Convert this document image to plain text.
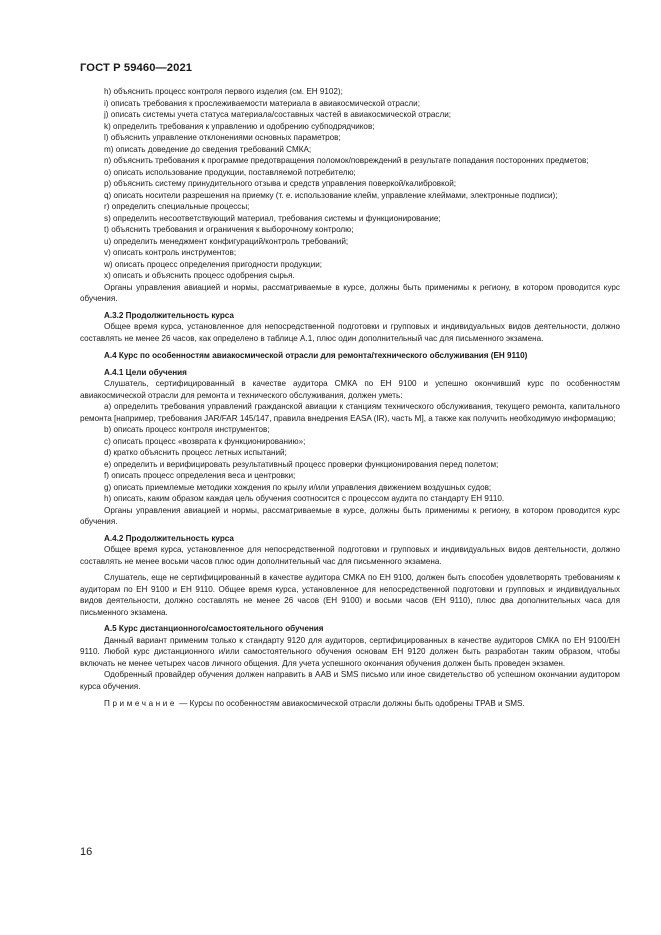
ГОСТ Р 59460—2021

h) объяснить процесс контроля первого изделия (см. ЕН 9102);

i) описать требования к прослеживаемости материала в авиакосмической отрасли;

j) описать системы учета статуса материала/составных частей в авиакосмической отрасли;

k) определить требования к управлению и одобрению субподрядчиков;

l) объяснить управление отклонениями основных параметров;

m) описать доведение до сведения требований СМКА;

n) объяснить требования к программе предотвращения поломок/повреждений в результате попадания посторонних предметов;

о) описать использование продукции, поставляемой потребителю;

р) объяснить систему принудительного отзыва и средств управления поверкой/калибровкой;

q) описать носители разрешения на приемку (т. е. использование клейм, управление клеймами, электронные подписи);

r) определить специальные процессы;

s) определить несоответствующий материал, требования системы и функционирование;

t) объяснить требования и ограничения к выборочному контролю;

u) определить менеджмент конфигураций/контроль требований;

v) описать контроль инструментов;

w) описать процесс определения пригодности продукции;

х) описать и объяснить процесс одобрения сырья.

Органы управления авиацией и нормы, рассматриваемые в курсе, должны быть применимы к региону, в котором проводится курс обучения.

А.3.2 Продолжительность курса

Общее время курса, установленное для непосредственной подготовки и групповых и индивидуальных видов деятельности, должно составлять не менее 26 часов, как определено в таблице А.1, плюс один дополнительный час для письменного экзамена.

А.4 Курс по особенностям авиакосмической отрасли для ремонта/технического обслуживания (ЕН 9110)

А.4.1 Цели обучения

Слушатель, сертифицированный в качестве аудитора СМКА по ЕН 9100 и успешно окончивший курс по особенностям авиакосмической отрасли для ремонта и технического обслуживания, должен уметь:

а) определить требования управлений гражданской авиации к станциям технического обслуживания, текущего ремонта, капитального ремонта [например, требования JAR/FAR 145/147, правила внедрения EASA (IR), часть М], а также как получить необходимую информацию;

b) описать процесс контроля инструментов;

с) описать процесс «возврата к функционированию»;

d) кратко объяснить процесс летных испытаний;

е) определить и верифицировать результативный процесс проверки функционирования перед полетом;

f) описать процесс определения веса и центровки;

g) описать приемлемые методики хождения по крылу и/или управления движением воздушных судов;

h) описать, каким образом каждая цель обучения соотносится с процессом аудита по стандарту ЕН 9110.

Органы управления авиацией и нормы, рассматриваемые в курсе, должны быть применимы к региону, в котором проводится курс обучения.

А.4.2 Продолжительность курса

Общее время курса, установленное для непосредственной подготовки и групповых и индивидуальных видов деятельности, должно составлять не менее восьми часов плюс один дополнительный час для письменного экзамена.

Слушатель, еще не сертифицированный в качестве аудитора СМКА по ЕН 9100, должен быть способен удовлетворять требованиям к аудиторам по ЕН 9100 и ЕН 9110. Общее время курса, установленное для непосредственной подготовки и групповых и индивидуальных видов деятельности, должно составлять не менее 26 часов (ЕН 9100) и восьми часов (ЕН 9110), плюс два дополнительных часа для письменного экзамена.

А.5 Курс дистанционного/самостоятельного обучения

Данный вариант применим только к стандарту 9120 для аудиторов, сертифицированных в качестве аудиторов СМКА по ЕН 9100/ЕН 9110. Любой курс дистанционного и/или самостоятельного обучения основам ЕН 9120 должен быть разработан таким образом, чтобы включать не менее четырех часов личного общения. Для учета успешного окончания обучения должен быть проведен экзамен.

Одобренный провайдер обучения должен направить в ААВ и SMS письмо или иное свидетельство об успешном окончании аудитором курса обучения.

Примечание — Курсы по особенностям авиакосмической отрасли должны быть одобрены TPAB и SMS.

16
